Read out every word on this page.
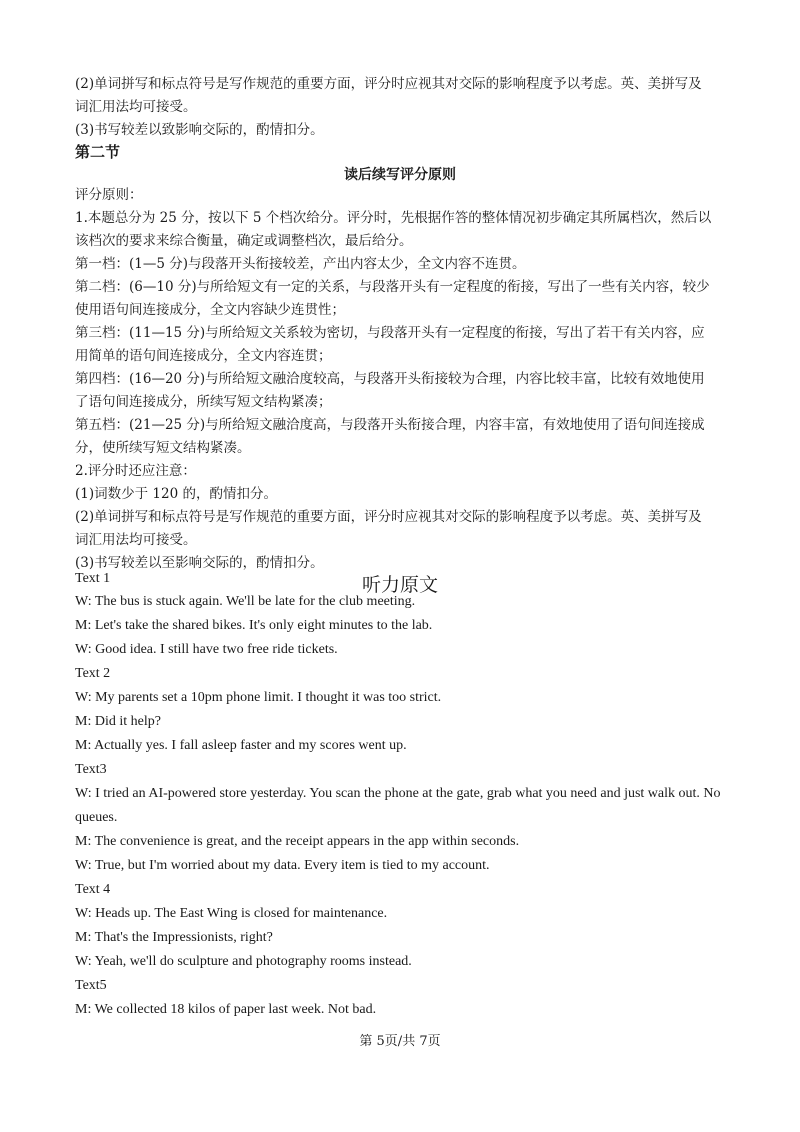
(2)单词拼写和标点符号是写作规范的重要方面，评分时应视其对交际的影响程度予以考虑。英、美拼写及

词汇用法均可接受。

(3)书写较差以致影响交际的，酌情扣分。

第二节

读后续写评分原则

评分原则：

1.本题总分为 25 分，按以下 5 个档次给分。评分时，先根据作答的整体情况初步确定其所属档次，然后以

该档次的要求来综合衡量，确定或调整档次，最后给分。

第一档：(1—5 分)与段落开头衔接较差，产出内容太少，全文内容不连贯。

第二档：(6—10 分)与所给短文有一定的关系，与段落开头有一定程度的衔接，写出了一些有关内容，较少

使用语句间连接成分，全文内容缺少连贯性；

第三档：(11—15 分)与所给短文关系较为密切，与段落开头有一定程度的衔接，写出了若干有关内容，应

用简单的语句间连接成分，全文内容连贯；

第四档：(16—20 分)与所给短文融洽度较高，与段落开头衔接较为合理，内容比较丰富，比较有效地使用

了语句间连接成分，所续写短文结构紧凑；

第五档：(21—25 分)与所给短文融洽度高，与段落开头衔接合理，内容丰富，有效地使用了语句间连接成

分，使所续写短文结构紧凑。

2.评分时还应注意：

(1)词数少于 120 的，酌情扣分。

(2)单词拼写和标点符号是写作规范的重要方面，评分时应视其对交际的影响程度予以考虑。英、美拼写及

词汇用法均可接受。

(3)书写较差以至影响交际的，酌情扣分。

听力原文

Text 1

W: The bus is stuck again. We'll be late for the club meeting.

M: Let's take the shared bikes. It's only eight minutes to the lab.

W: Good idea. I still have two free ride tickets.

Text 2

W: My parents set a 10pm phone limit. I thought it was too strict.

M: Did it help?

M: Actually yes. I fall asleep faster and my scores went up.

Text3

W: I tried an AI-powered store yesterday. You scan the phone at the gate, grab what you need and just walk out. No

queues.

M: The convenience is great, and the receipt appears in the app within seconds.

W: True, but I'm worried about my data. Every item is tied to my account.

Text 4

W: Heads up. The East Wing is closed for maintenance.

M: That's the Impressionists, right?

W: Yeah, we'll do sculpture and photography rooms instead.

Text5

M: We collected 18 kilos of paper last week. Not bad.

第 5页/共 7页
